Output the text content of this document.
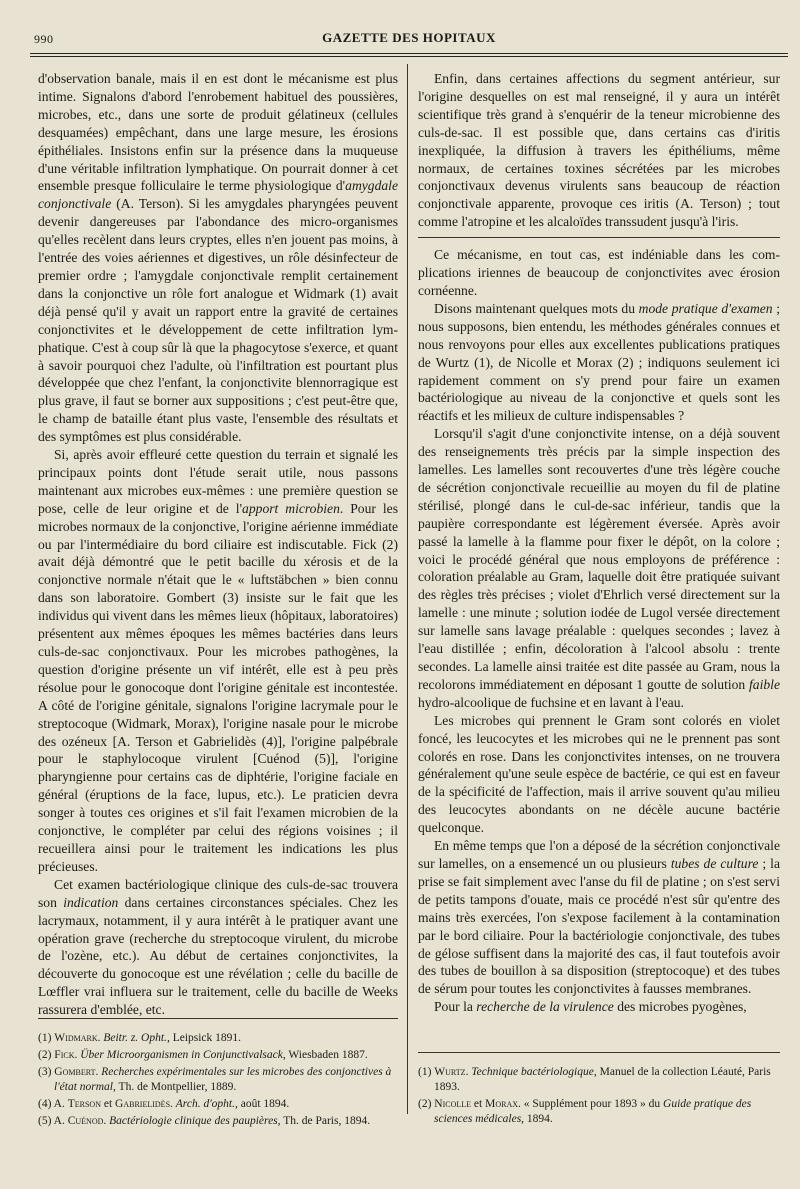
990	GAZETTE DES HOPITAUX

d'observation banale, mais il en est dont le mécanisme est plus intime. Signalons d'abord l'enrobement habituel des poussières, microbes, etc., dans une sorte de produit gélatineux (cellules desquamées) empêchant, dans une large mesure, les érosions épithéliales. Insistons enfin sur la présence dans la muqueuse d'une véritable infiltration lymphatique. On pourrait donner à cet ensemble presque folliculaire le terme physiologique d'amygdale conjonctivale (A. Terson). Si les amygdales pharyngées peuvent devenir dangereuses par l'abondance des micro-organismes qu'elles recèlent dans leurs cryptes, elles n'en jouent pas moins, à l'entrée des voies aériennes et digestives, un rôle désinfecteur de premier ordre ; l'amygdale conjonctivale remplit certainement dans la conjonctive un rôle fort analogue et Widmark (1) avait déjà pensé qu'il y avait un rapport entre la gravité de certaines conjonctivites et le développement de cette infiltration lymphatique. C'est à coup sûr là que la phagocytose s'exerce, et quant à savoir pourquoi chez l'adulte, où l'infiltration est pourtant plus développée que chez l'enfant, la conjonctivite blennorragique est plus grave, il faut se borner aux suppositions ; c'est peut-être que, le champ de bataille étant plus vaste, l'ensemble des résultats et des symptômes est plus considérable.

Si, après avoir effleuré cette question du terrain et signalé les principaux points dont l'étude serait utile, nous passons maintenant aux microbes eux-mêmes : une première question se pose, celle de leur origine et de l'apport microbien. Pour les microbes normaux de la conjonctive, l'origine aérienne immédiate ou par l'intermédiaire du bord ciliaire est indiscutable. Fick (2) avait déjà démontré que le petit bacille du xérosis et de la conjonctive normale n'était que le « luftstäbchen » bien connu dans son laboratoire. Gombert (3) insiste sur le fait que les individus qui vivent dans les mêmes lieux (hôpitaux, laboratoires) présentent aux mêmes époques les mêmes bactéries dans leurs culs-de-sac conjonctivaux. Pour les microbes pathogènes, la question d'origine présente un vif intérêt, elle est à peu près résolue pour le gonocoque dont l'origine génitale est incontestée. A côté de l'origine génitale, signalons l'origine lacrymale pour le streptocoque (Widmark, Morax), l'origine nasale pour le microbe des ozéneux [A. Terson et Gabrielidès (4)], l'origine palpébrale pour le staphylocoque virulent [Cuénod (5)], l'origine pharyngienne pour certains cas de diphtérie, l'origine faciale en général (éruptions de la face, lupus, etc.). Le praticien devra songer à toutes ces origines et s'il fait l'examen microbien de la conjonctive, le compléter par celui des régions voisines ; il recueillera ainsi pour le traitement les indications les plus précieuses.

Cet examen bactériologique clinique des culs-de-sac trouvera son indication dans certaines circonstances spéciales. Chez les lacrymaux, notamment, il y aura intérêt à le pratiquer avant une opération grave (recherche du streptocoque virulent, du microbe de l'ozène, etc.). Au début de certaines conjonctivites, la découverte du gonocoque est une révélation ; celle du bacille de Lœffler vrai influera sur le traitement, celle du bacille de Weeks rassurera d'emblée, etc.

Enfin, dans certaines affections du segment antérieur, sur l'origine desquelles on est mal renseigné, il y aura un intérêt scientifique très grand à s'enquérir de la teneur microbienne des culs-de-sac. Il est possible que, dans certains cas d'iritis inexpliquée, la diffusion à travers les épithéliums, même normaux, de certaines toxines sécrétées par les microbes conjonctivaux devenus virulents sans beaucoup de réaction conjonctivale apparente, provoque ces iritis (A. Terson) ; tout comme l'atropine et les alcaloïdes transsudent jusqu'à l'iris.

Ce mécanisme, en tout cas, est indéniable dans les complications iriennes de beaucoup de conjonctivites avec érosion cornéenne.

Disons maintenant quelques mots du mode pratique d'examen ; nous supposons, bien entendu, les méthodes générales connues et nous renvoyons pour elles aux excellentes publications pratiques de Wurtz (1), de Nicolle et Morax (2) ; indiquons seulement ici rapidement comment on s'y prend pour faire un examen bactériologique au niveau de la conjonctive et quels sont les réactifs et les milieux de culture indispensables ?

Lorsqu'il s'agit d'une conjonctivite intense, on a déjà souvent des renseignements très précis par la simple inspection des lamelles. Les lamelles sont recouvertes d'une très légère couche de sécrétion conjonctivale recueillie au moyen du fil de platine stérilisé, plongé dans le cul-de-sac inférieur, tandis que la paupière correspondante est légèrement éversée. Après avoir passé la lamelle à la flamme pour fixer le dépôt, on la colore ; voici le procédé général que nous employons de préférence : coloration préalable au Gram, laquelle doit être pratiquée suivant des règles très précises ; violet d'Ehrlich versé directement sur la lamelle : une minute ; solution iodée de Lugol versée directement sur lamelle sans lavage préalable : quelques secondes ; lavez à l'eau distillée ; enfin, décoloration à l'alcool absolu : trente secondes. La lamelle ainsi traitée est dite passée au Gram, nous la recolorons immédiatement en déposant 1 goutte de solution faible hydro-alcoolique de fuchsine et en lavant à l'eau.

Les microbes qui prennent le Gram sont colorés en violet foncé, les leucocytes et les microbes qui ne le prennent pas sont colorés en rose. Dans les conjonctivites intenses, on ne trouvera généralement qu'une seule espèce de bactérie, ce qui est en faveur de la spécificité de l'affection, mais il arrive souvent qu'au milieu des leucocytes abondants on ne décèle aucune bactérie quelconque.

En même temps que l'on a déposé de la sécrétion conjonctivale sur lamelles, on a ensemencé un ou plusieurs tubes de culture ; la prise se fait simplement avec l'anse du fil de platine ; on s'est servi de petits tampons d'ouate, mais ce procédé n'est sûr qu'entre des mains très exercées, l'on s'expose facilement à la contamination par le bord ciliaire. Pour la bactériologie conjonctivale, des tubes de gélose suffisent dans la majorité des cas, il faut toutefois avoir des tubes de bouillon à sa disposition (streptocoque) et des tubes de sérum pour toutes les conjonctivites à fausses membranes.

Pour la recherche de la virulence des microbes pyogènes,

(1) Widmark. Beitr. z. Opht., Leipsick 1891.
(2) Fick. Über Microorganismen in Conjunctivalsack, Wiesbaden 1887.
(3) Gombert. Recherches expérimentales sur les microbes des conjonctives à l'état normal, Th. de Montpellier, 1889.
(4) A. Terson et Gabrielidès. Arch. d'opht., août 1894.
(5) A. Cuénod. Bactériologie clinique des paupières, Th. de Paris, 1894.
(1) Wurtz. Technique bactériologique, Manuel de la collection Léauté, Paris 1893.
(2) Nicolle et Morax. « Supplément pour 1893 » du Guide pratique des sciences médicales, 1894.
